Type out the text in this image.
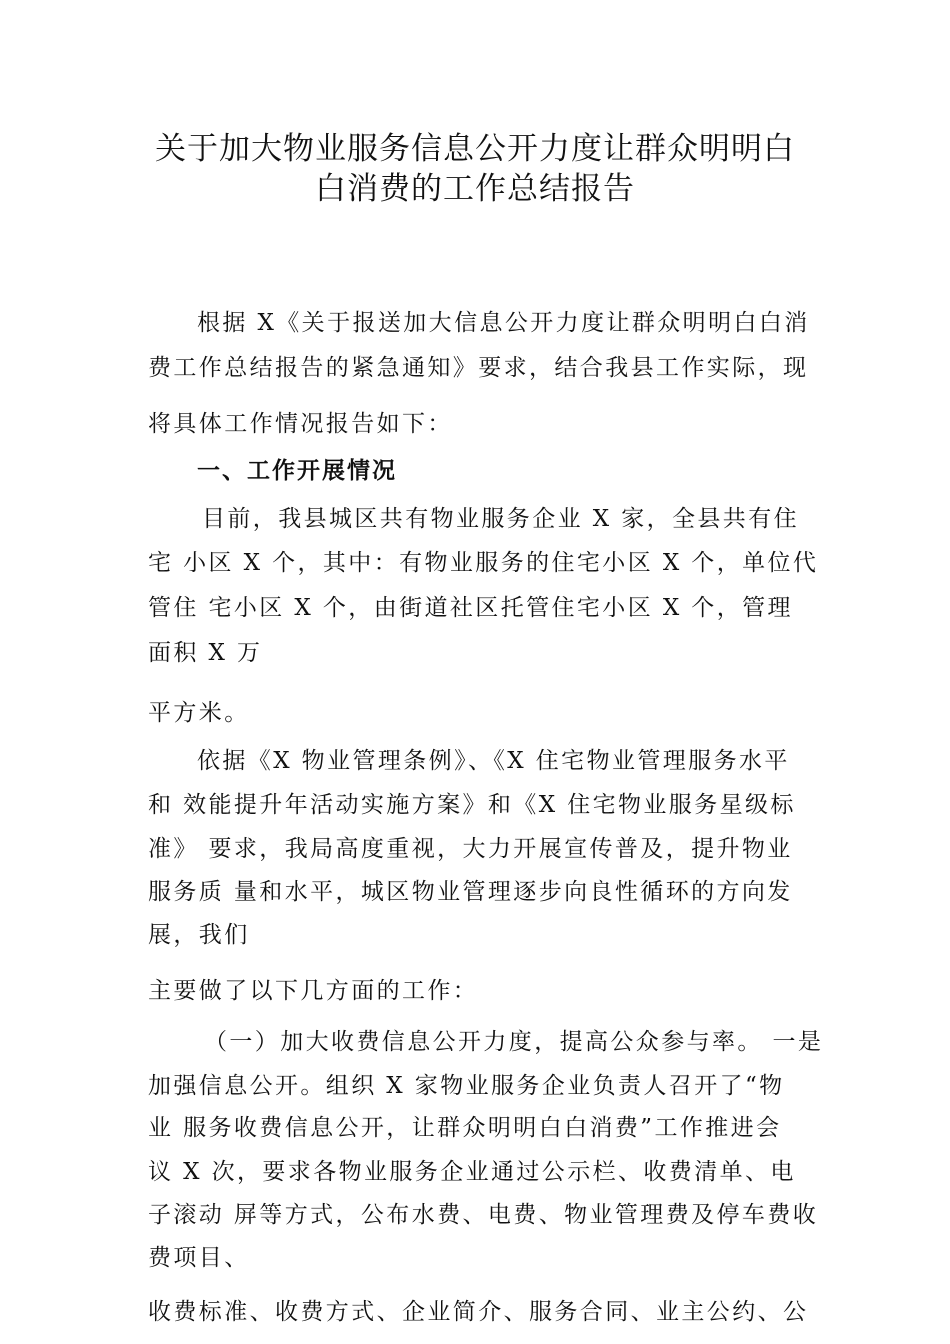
关于加大物业服务信息公开力度让群众明明白
白消费的工作总结报告
根据 X《关于报送加大信息公开力度让群众明明白白消
费工作总结报告的紧急通知》要求，结合我县工作实际，现
将具体工作情况报告如下：
一、工作开展情况
目前，我县城区共有物业服务企业 X 家，全县共有住
宅 小区 X 个，其中：有物业服务的住宅小区 X 个，单位代
管住 宅小区 X 个，由街道社区托管住宅小区 X 个，管理
面积 X 万
平方米。
依据《X 物业管理条例》、《X 住宅物业管理服务水平
和 效能提升年活动实施方案》和《X 住宅物业服务星级标
准》 要求，我局高度重视，大力开展宣传普及，提升物业
服务质 量和水平，城区物业管理逐步向良性循环的方向发
展，我们
主要做了以下几方面的工作：
（一）加大收费信息公开力度，提高公众参与率。 一是
加强信息公开。组织 X 家物业服务企业负责人召开了“物
业 服务收费信息公开，让群众明明白白消费”工作推进会
议 X 次，要求各物业服务企业通过公示栏、收费清单、电
子滚动 屏等方式，公布水费、电费、物业管理费及停车费收
费项目、
收费标准、收费方式、企业简介、服务合同、业主公约、公
